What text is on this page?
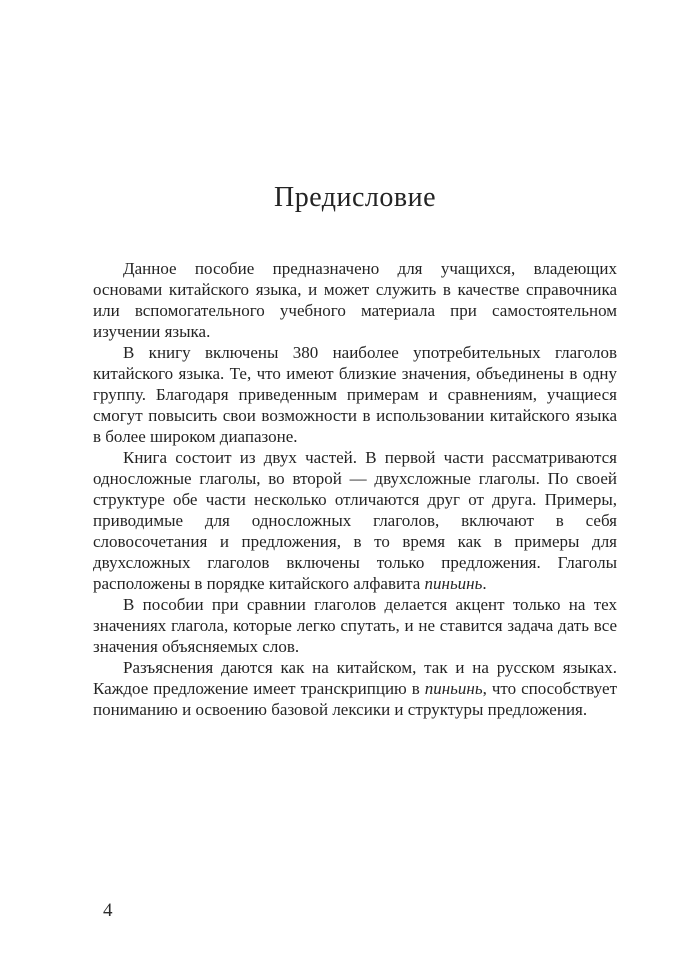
Предисловие

Данное пособие предназначено для учащихся, владеющих основами китайского языка, и может служить в качестве справочника или вспомогательного учебного материала при самостоятельном изучении языка.

В книгу включены 380 наиболее употребительных глаголов китайского языка. Те, что имеют близкие значения, объединены в одну группу. Благодаря приведенным примерам и сравнениям, учащиеся смогут повысить свои возможности в использовании китайского языка в более широком диапазоне.

Книга состоит из двух частей. В первой части рассматриваются односложные глаголы, во второй — двухсложные глаголы. По своей структуре обе части несколько отличаются друг от друга. Примеры, приводимые для односложных глаголов, включают в себя словосочетания и предложения, в то время как в примеры для двухсложных глаголов включены только предложения. Глаголы расположены в порядке китайского алфавита пиньинь.

В пособии при сравнии глаголов делается акцент только на тех значениях глагола, которые легко спутать, и не ставится задача дать все значения объясняемых слов.

Разъяснения даются как на китайском, так и на русском языках. Каждое предложение имеет транскрипцию в пиньинь, что способствует пониманию и освоению базовой лексики и структуры предложения.

4
